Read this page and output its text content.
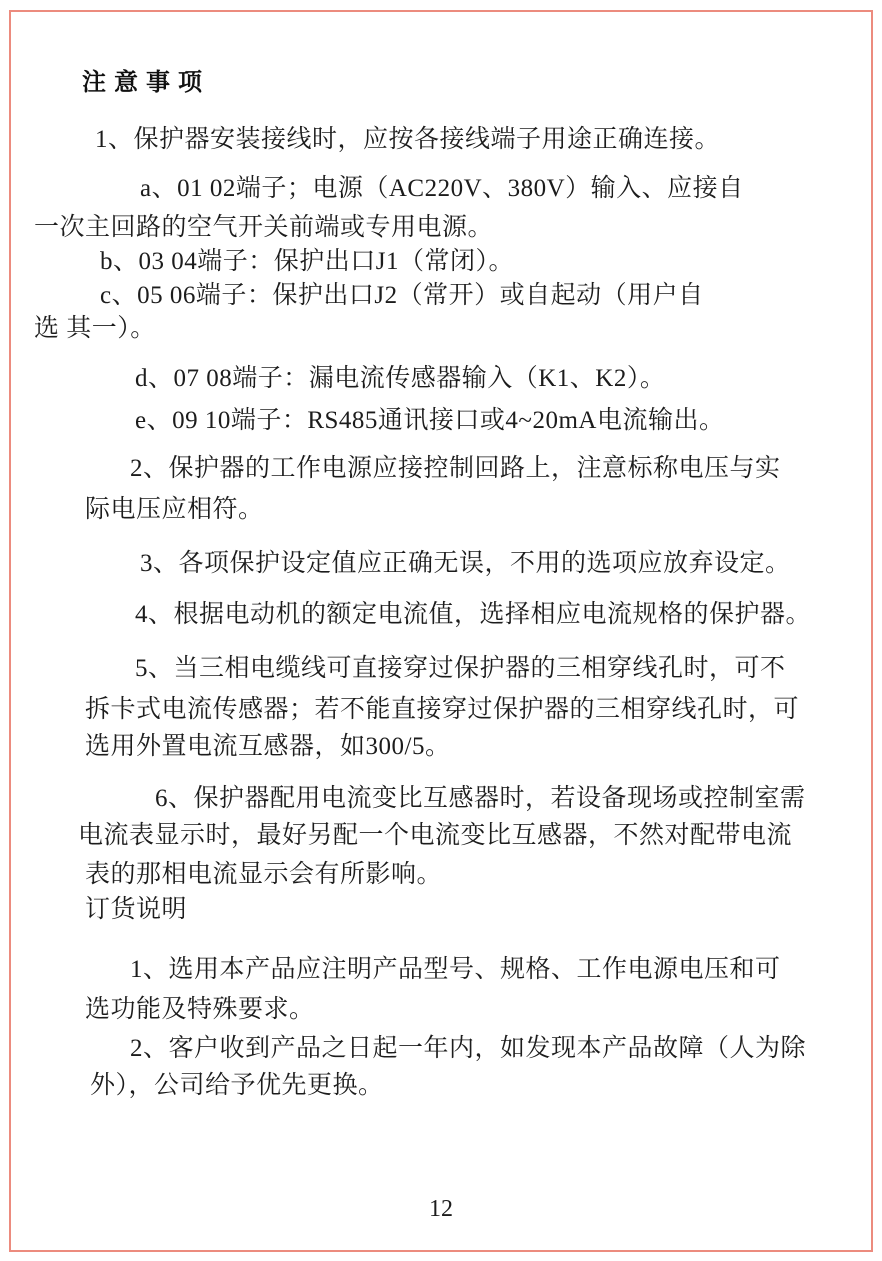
注意事项
1、保护器安装接线时，应按各接线端子用途正确连接。
a、01 02端子；电源（AC220V、380V）输入、应接自
一次主回路的空气开关前端或专用电源。
b、03 04端子：保护出口J1（常闭）。
c、05 06端子：保护出口J2（常开）或自起动（用户自
选 其一）。
d、07 08端子：漏电流传感器输入（K1、K2）。
e、09 10端子：RS485通讯接口或4~20mA电流输出。
2、保护器的工作电源应接控制回路上，注意标称电压与实
际电压应相符。
3、各项保护设定值应正确无误，不用的选项应放弃设定。
4、根据电动机的额定电流值，选择相应电流规格的保护器。
5、当三相电缆线可直接穿过保护器的三相穿线孔时，可不
拆卡式电流传感器；若不能直接穿过保护器的三相穿线孔时，可
选用外置电流互感器，如300/5。
6、保护器配用电流变比互感器时，若设备现场或控制室需
电流表显示时，最好另配一个电流变比互感器，不然对配带电流
表的那相电流显示会有所影响。
订货说明
1、选用本产品应注明产品型号、规格、工作电源电压和可
选功能及特殊要求。
2、客户收到产品之日起一年内，如发现本产品故障（人为除
外），公司给予优先更换。
12
